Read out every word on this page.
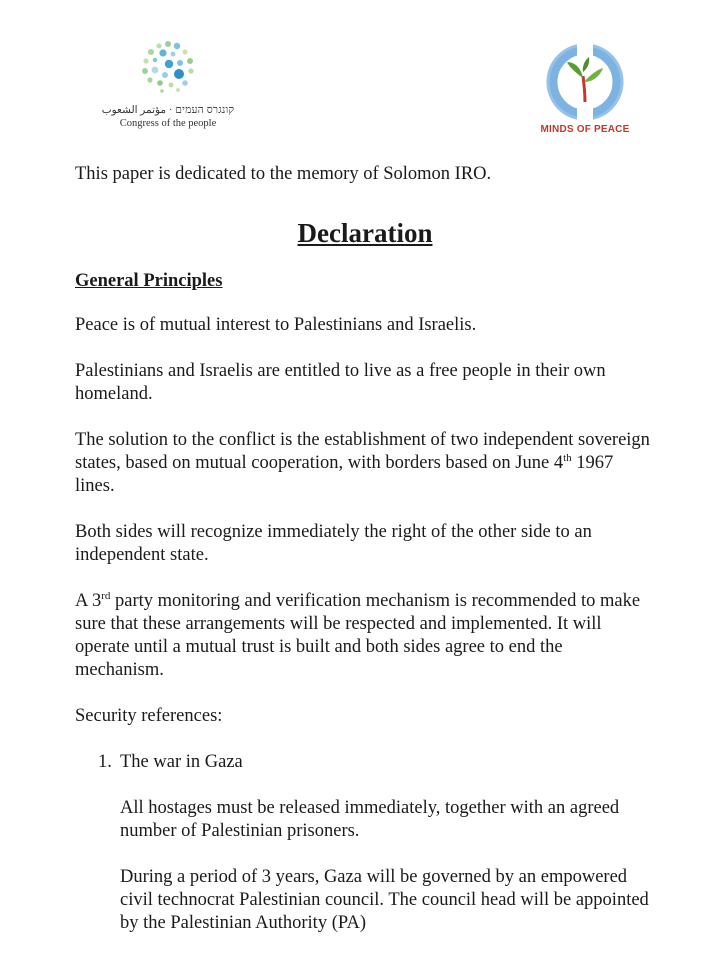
קונגרס העמים · مؤتمر الشعوب
Congress of the people
MINDS OF PEACE

This paper is dedicated to the memory of Solomon IRO.

Declaration
General Principles

Peace is of mutual interest to Palestinians and Israelis.

Palestinians and Israelis are entitled to live as a free people in their own homeland.

The solution to the conflict is the establishment of two independent sovereign states, based on mutual cooperation, with borders based on June 4th 1967 lines.

Both sides will recognize immediately the right of the other side to an independent state.

A 3rd party monitoring and verification mechanism is recommended to make sure that these arrangements will be respected and implemented. It will operate until a mutual trust is built and both sides agree to end the mechanism.

Security references:

1. The war in Gaza

All hostages must be released immediately, together with an agreed number of Palestinian prisoners.

During a period of 3 years, Gaza will be governed by an empowered civil technocrat Palestinian council. The council head will be appointed by the Palestinian Authority (PA)
